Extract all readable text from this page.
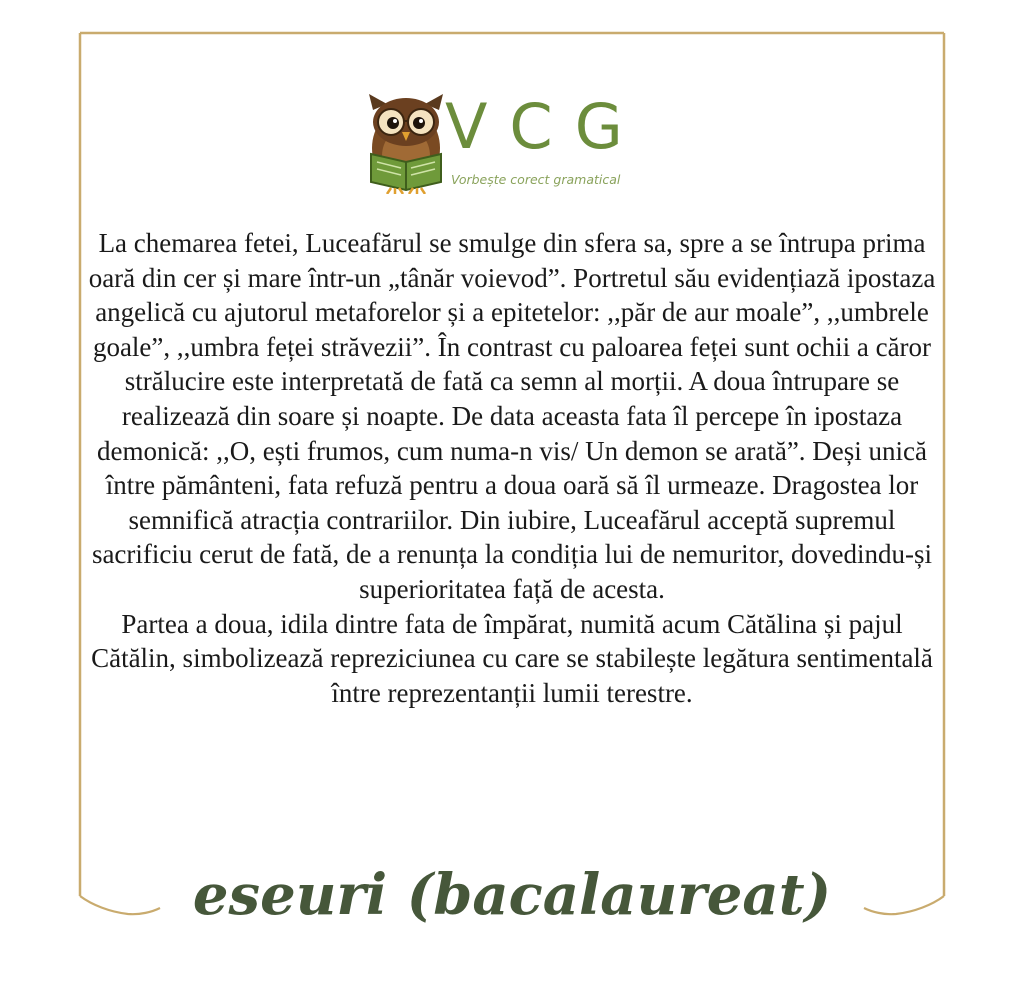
VCG
Vorbește corect gramatical

La chemarea fetei, Luceafărul se smulge din sfera sa, spre a se întrupa prima oară din cer și mare într-un „tânăr voievod”. Portretul său evidențiază ipostaza angelică cu ajutorul metaforelor și a epitetelor: ,,păr de aur moale”, ,,umbrele goale”, ,,umbra feței străvezii”. În contrast cu paloarea feței sunt ochii a căror strălucire este interpretată de fată ca semn al morții. A doua întrupare se realizează din soare și noapte. De data aceasta fata îl percepe în ipostaza demonică: ,,O, ești frumos, cum numa-n vis/ Un demon se arată”. Deși unică între pământeni, fata refuză pentru a doua oară să îl urmeaze. Dragostea lor semnifică atracția contrariilor. Din iubire, Luceafărul acceptă supremul sacrificiu cerut de fată, de a renunța la condiția lui de nemuritor, dovedindu-și superioritatea față de acesta.

Partea a doua, idila dintre fata de împărat, numită acum Cătălina și pajul Cătălin, simbolizează repreziciunea cu care se stabilește legătura sentimentală între reprezentanții lumii terestre.

eseuri (bacalaureat)
